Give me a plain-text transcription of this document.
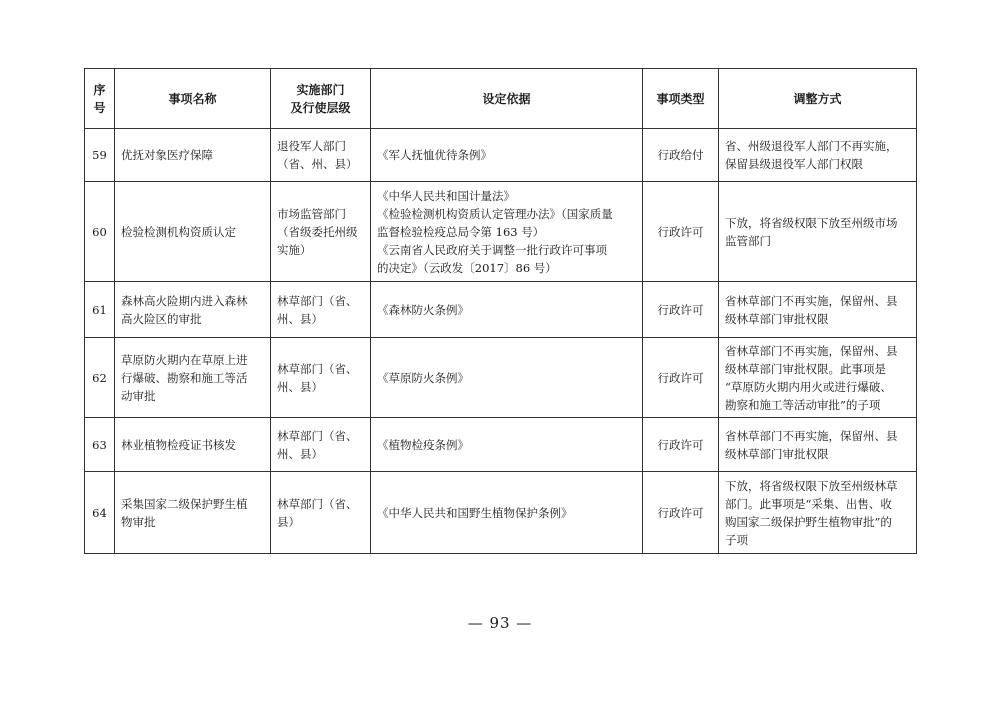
序
号	事项名称	实施部门
及行使层级	设定依据	事项类型	调整方式
59	优抚对象医疗保障	退役军人部门
（省、州、县）	《军人抚恤优待条例》	行政给付	省、州级退役军人部门不再实施，
保留县级退役军人部门权限

60	检验检测机构资质认定	市场监管部门
（省级委托州级
实施）	《中华人民共和国计量法》
《检验检测机构资质认定管理办法》（国家质量
监督检验检疫总局令第 163 号）
《云南省人民政府关于调整一批行政许可事项
的决定》（云政发〔2017〕86 号）	行政许可	下放，将省级权限下放至州级市场
监管部门

61	森林高火险期内进入森林
高火险区的审批	林草部门（省、
州、县）	《森林防火条例》	行政许可	省林草部门不再实施，保留州、县
级林草部门审批权限

62	草原防火期内在草原上进
行爆破、勘察和施工等活
动审批	林草部门（省、
州、县）	《草原防火条例》	行政许可	省林草部门不再实施，保留州、县
级林草部门审批权限。此事项是
“草原防火期内用火或进行爆破、
勘察和施工等活动审批”的子项

63	林业植物检疫证书核发	林草部门（省、
州、县）	《植物检疫条例》	行政许可	省林草部门不再实施，保留州、县
级林草部门审批权限

64	采集国家二级保护野生植
物审批	林草部门（省、
县）	《中华人民共和国野生植物保护条例》	行政许可	下放，将省级权限下放至州级林草
部门。此事项是“采集、出售、收
购国家二级保护野生植物审批”的
子项
— 93 —
